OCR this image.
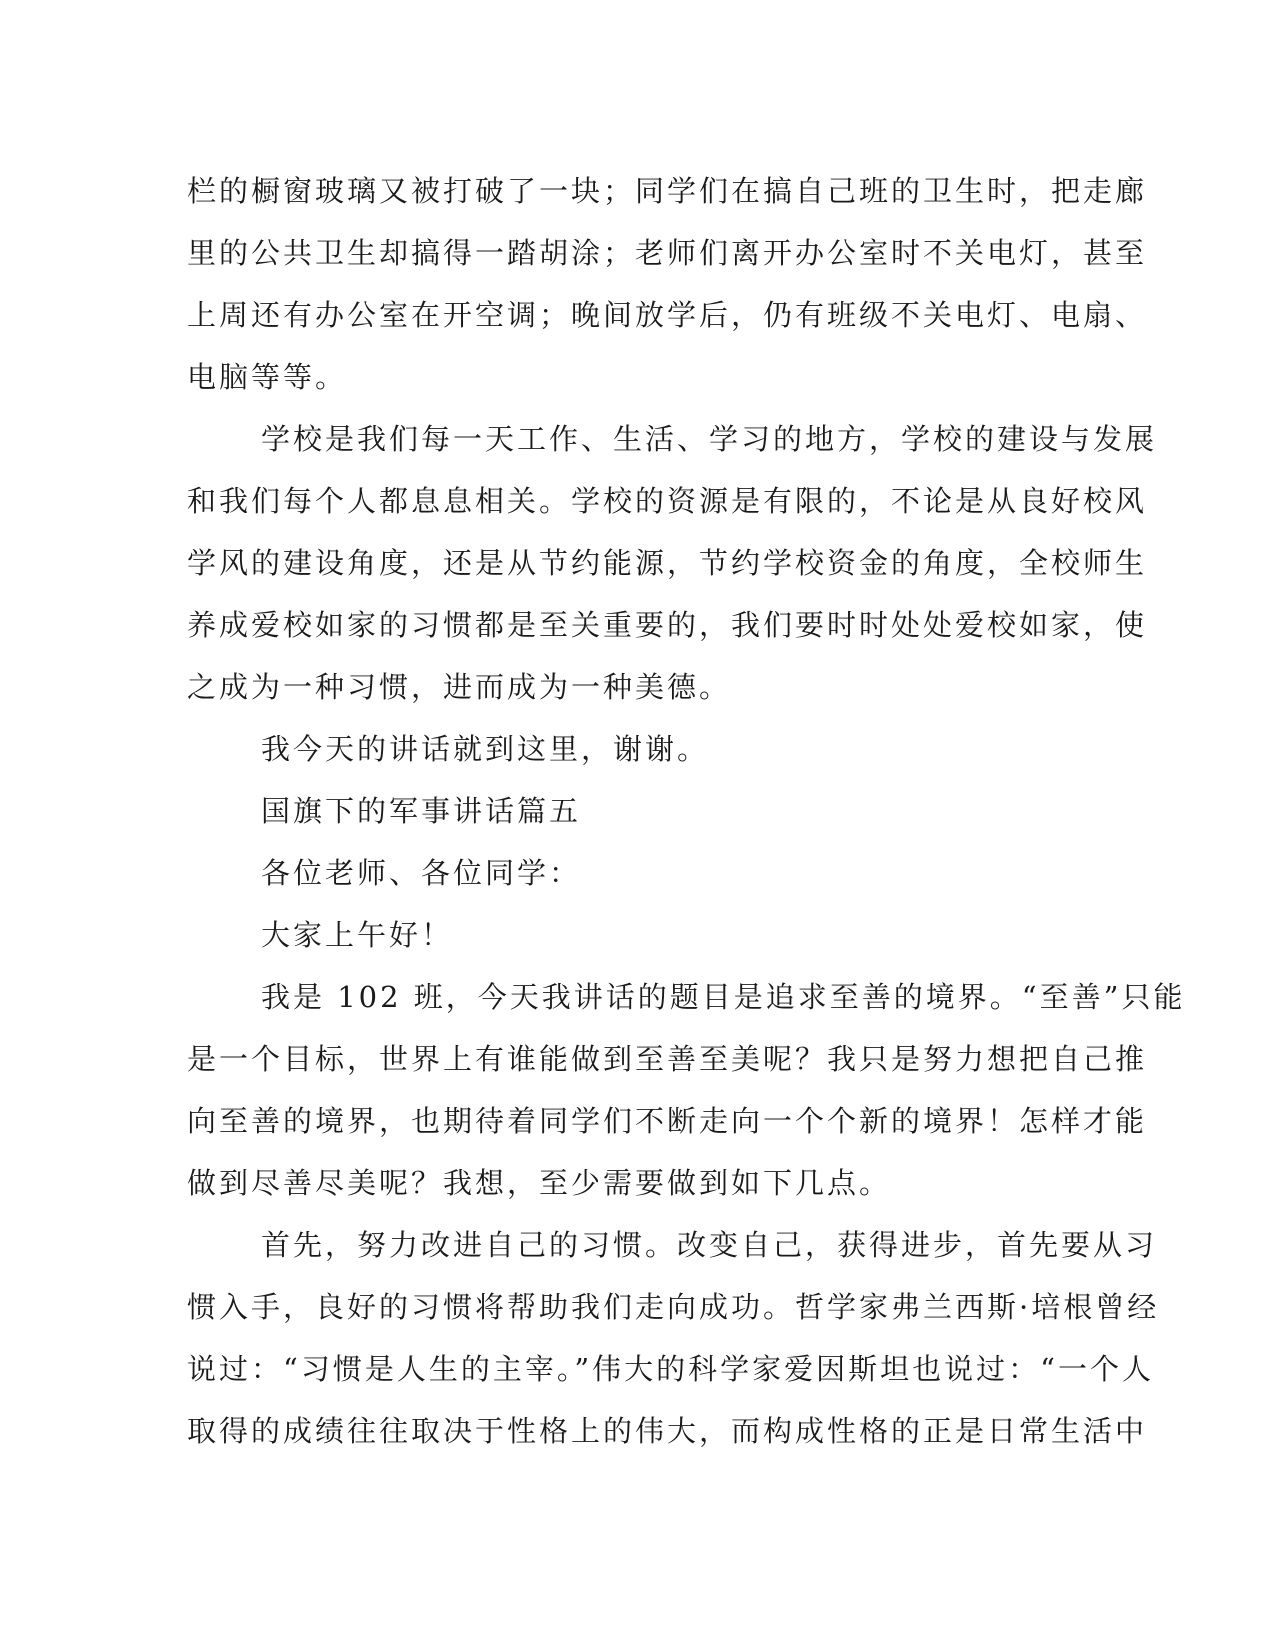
栏的橱窗玻璃又被打破了一块；同学们在搞自己班的卫生时，把走廊

里的公共卫生却搞得一踏胡涂；老师们离开办公室时不关电灯，甚至

上周还有办公室在开空调；晚间放学后，仍有班级不关电灯、电扇、

电脑等等。

学校是我们每一天工作、生活、学习的地方，学校的建设与发展

和我们每个人都息息相关。学校的资源是有限的，不论是从良好校风

学风的建设角度，还是从节约能源，节约学校资金的角度，全校师生

养成爱校如家的习惯都是至关重要的，我们要时时处处爱校如家，使

之成为一种习惯，进而成为一种美德。

我今天的讲话就到这里，谢谢。

国旗下的军事讲话篇五

各位老师、各位同学：

大家上午好！

我是 102 班，今天我讲话的题目是追求至善的境界。“至善”只能

是一个目标，世界上有谁能做到至善至美呢？我只是努力想把自己推

向至善的境界，也期待着同学们不断走向一个个新的境界！怎样才能

做到尽善尽美呢？我想，至少需要做到如下几点。

首先，努力改进自己的习惯。改变自己，获得进步，首先要从习

惯入手，良好的习惯将帮助我们走向成功。哲学家弗兰西斯·培根曾经

说过：“习惯是人生的主宰。”伟大的科学家爱因斯坦也说过：“一个人

取得的成绩往往取决于性格上的伟大，而构成性格的正是日常生活中
